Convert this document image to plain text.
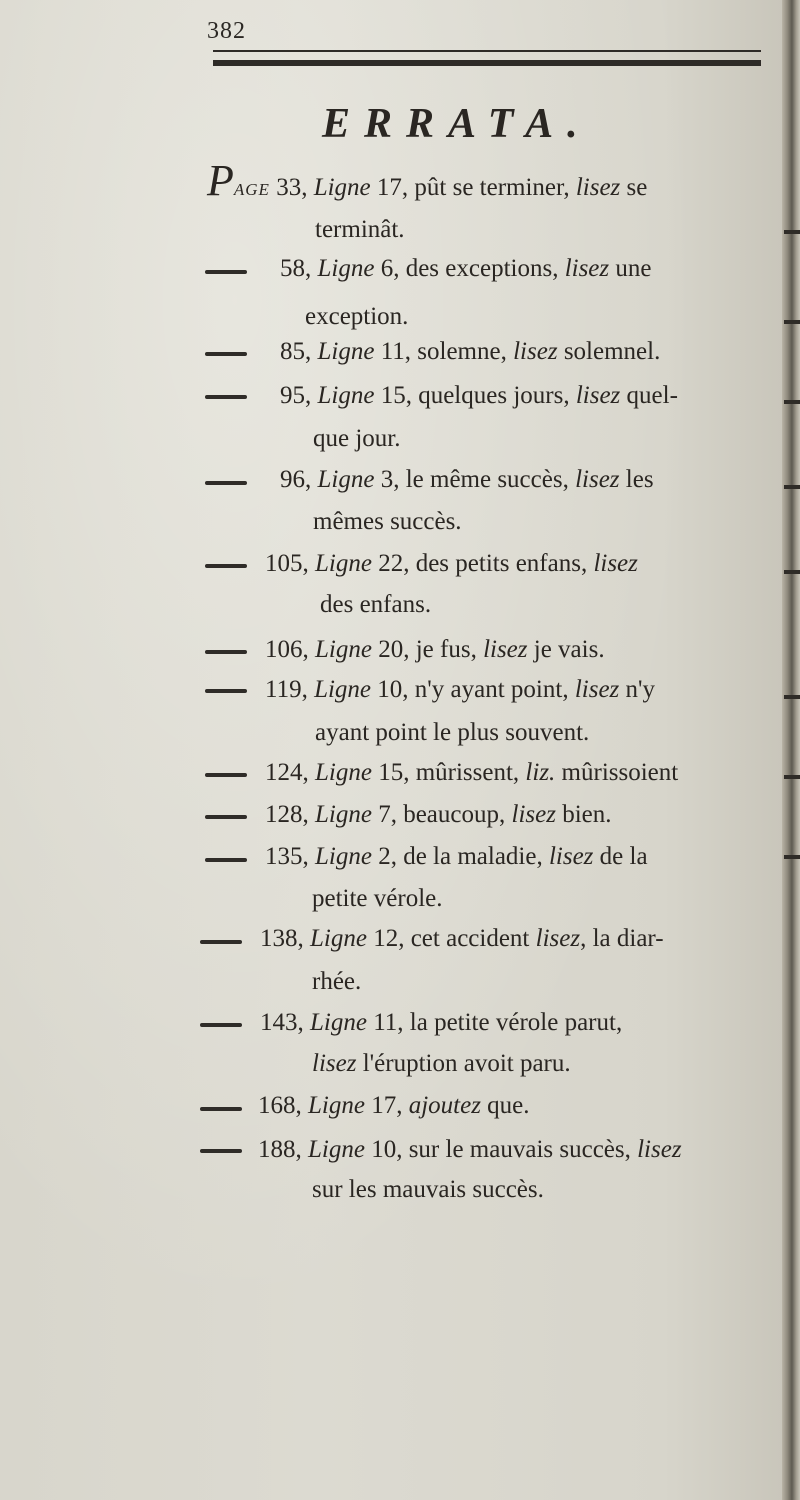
382
ERRATA.
PAGE 33, Ligne 17, pût se terminer, lisez se
terminât.
58, Ligne 6, des exceptions, lisez une
exception.
85, Ligne 11, solemne, lisez solemnel.
95, Ligne 15, quelques jours, lisez quel-
que jour.
96, Ligne 3, le même succès, lisez les
mêmes succès.
105, Ligne 22, des petits enfans, lisez
des enfans.
106, Ligne 20, je fus, lisez je vais.
119, Ligne 10, n'y ayant point, lisez n'y
ayant point le plus souvent.
124, Ligne 15, mûrissent, liz. mûrissoient
128, Ligne 7, beaucoup, lisez bien.
135, Ligne 2, de la maladie, lisez de la
petite vérole.
138, Ligne 12, cet accident lisez, la diar-
rhée.
143, Ligne 11, la petite vérole parut,
lisez l'éruption avoit paru.
168, Ligne 17, ajoutez que.
188, Ligne 10, sur le mauvais succès, lisez
sur les mauvais succès.
